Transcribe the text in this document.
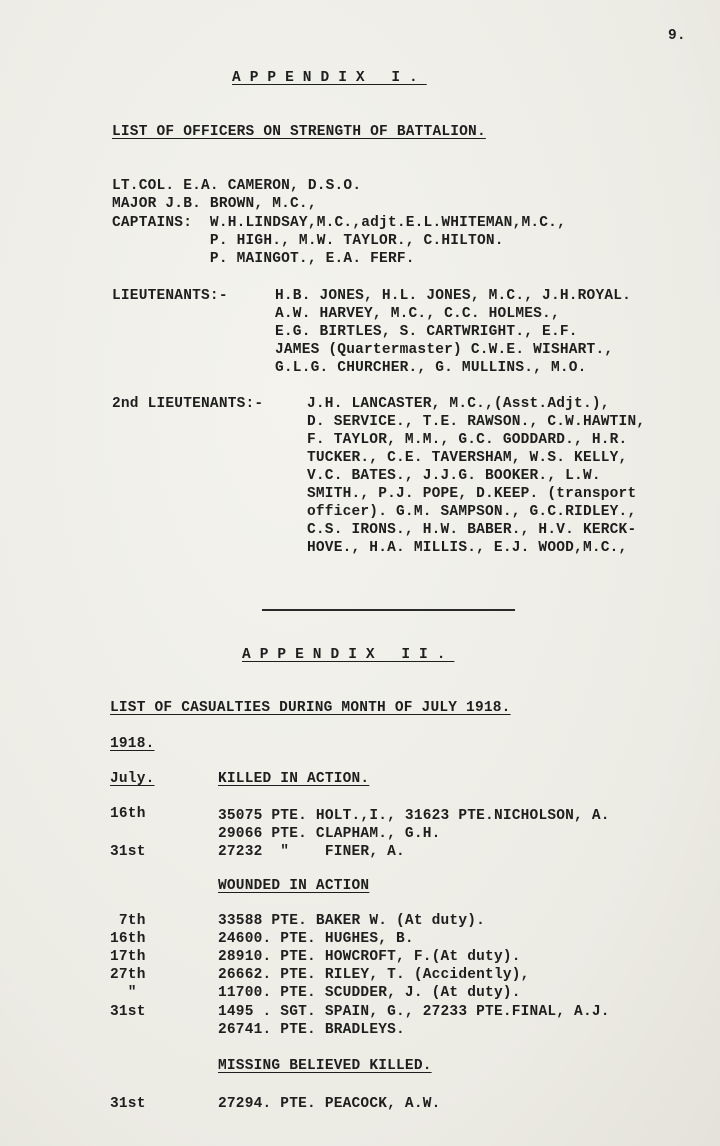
9.
APPENDIX I.
LIST OF OFFICERS ON STRENGTH OF BATTALION.
LT.COL. E.A. CAMERON, D.S.O.
MAJOR J.B. BROWN, M.C.,
CAPTAINS:  W.H.LINDSAY,M.C.,adjt.E.L.WHITEMAN,M.C.,
P. HIGH., M.W. TAYLOR., C.HILTON.
P. MAINGOT., E.A. FERF.
LIEUTENANTS:-	H.B. JONES, H.L. JONES, M.C., J.H.ROYAL.
A.W. HARVEY, M.C., C.C. HOLMES.,
E.G. BIRTLES, S. CARTWRIGHT., E.F.
JAMES (Quartermaster) C.W.E. WISHART.,
G.L.G. CHURCHER., G. MULLINS., M.O.
2nd LIEUTENANTS:-	J.H. LANCASTER, M.C.,(Asst.Adjt.),
D. SERVICE., T.E. RAWSON., C.W.HAWTIN,
F. TAYLOR, M.M., G.C. GODDARD., H.R.
TUCKER., C.E. TAVERSHAM, W.S. KELLY,
V.C. BATES., J.J.G. BOOKER., L.W.
SMITH., P.J. POPE, D.KEEP. (transport
officer). G.M. SAMPSON., G.C.RIDLEY.,
C.S. IRONS., H.W. BABER., H.V. KERCK-
HOVE., H.A. MILLIS., E.J. WOOD,M.C.,
APPENDIX II.
LIST OF CASUALTIES DURING MONTH OF JULY 1918.
1918.
July.	KILLED IN ACTION.
16th	35075 PTE. HOLT.,I., 31623 PTE.NICHOLSON, A.
29066 PTE. CLAPHAM., G.H.
31st	27232  "    FINER, A.
WOUNDED IN ACTION
7th	33588 PTE. BAKER W. (At duty).
16th	24600. PTE. HUGHES, B.
17th	28910. PTE. HOWCROFT, F.(At duty).
27th	26662. PTE. RILEY, T. (Accidently),
"	11700. PTE. SCUDDER, J. (At duty).
31st	1495 . SGT. SPAIN, G., 27233 PTE.FINAL, A.J.
26741. PTE. BRADLEYS.
MISSING BELIEVED KILLED.
31st	27294. PTE. PEACOCK, A.W.
